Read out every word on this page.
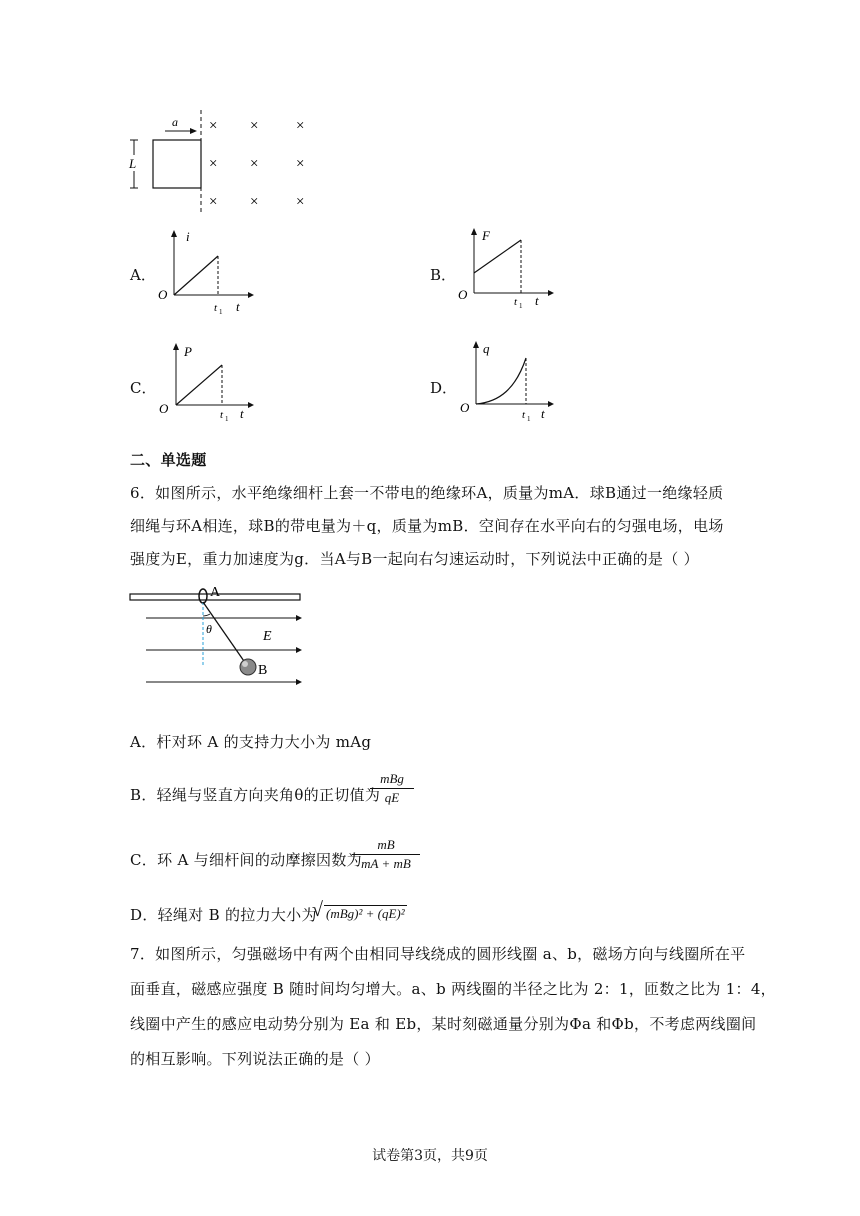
a
L
× ×	×
× ×	×
× ×	×
A．
i
O
t 1 t
B．
F
O	t 1 t
C．
P
O	t 1 t
D．
q
O	t 1 t
二、单选题
6．如图所示，水平绝缘细杆上套一不带电的绝缘环A，质量为mA．球B通过一绝缘轻质
细绳与环A相连，球B的带电量为＋q，质量为mB．空间存在水平向右的匀强电场，电场
强度为E，重力加速度为g．当A与B一起向右匀速运动时，下列说法中正确的是（ ）
A
θ	E
B
A．杆对环 A 的支持力大小为 mAg
B．轻绳与竖直方向夹角θ的正切值为
mBg
qE
C．环 A 与细杆间的动摩擦因数为
mB
mA + mB
D．轻绳对 B 的拉力大小为
√ (mBg)² + (qE)²
7．如图所示，匀强磁场中有两个由相同导线绕成的圆形线圈 a、b，磁场方向与线圈所在平
面垂直，磁感应强度 B 随时间均匀增大。a、b 两线圈的半径之比为 2：1，匝数之比为 1：4，
线圈中产生的感应电动势分别为 Ea 和 Eb，某时刻磁通量分别为Φa 和Φb，不考虑两线圈间
的相互影响。下列说法正确的是（ ）
试卷第3页，共9页
